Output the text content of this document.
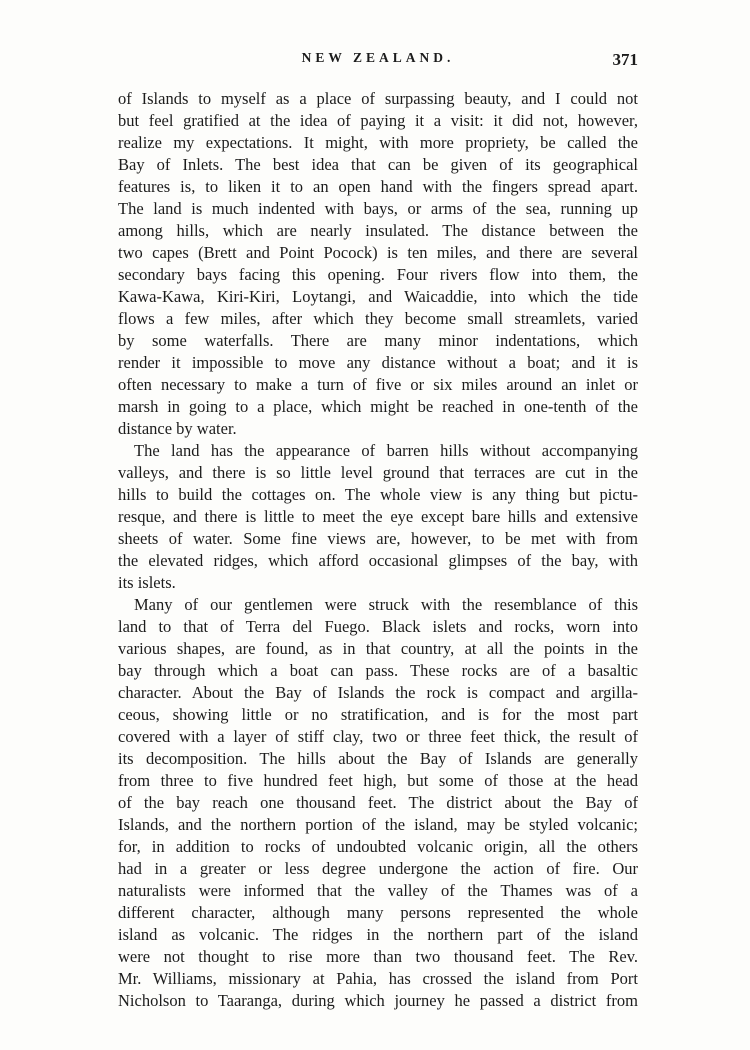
NEW ZEALAND.	371
of Islands to myself as a place of surpassing beauty, and I could not
but feel gratified at the idea of paying it a visit: it did not, however,
realize my expectations. It might, with more propriety, be called the
Bay of Inlets. The best idea that can be given of its geographical
features is, to liken it to an open hand with the fingers spread apart.
The land is much indented with bays, or arms of the sea, running up
among hills, which are nearly insulated. The distance between the
two capes (Brett and Point Pocock) is ten miles, and there are several
secondary bays facing this opening. Four rivers flow into them, the
Kawa-Kawa, Kiri-Kiri, Loytangi, and Waicaddie, into which the tide
flows a few miles, after which they become small streamlets, varied
by some waterfalls. There are many minor indentations, which
render it impossible to move any distance without a boat; and it is
often necessary to make a turn of five or six miles around an inlet or
marsh in going to a place, which might be reached in one-tenth of the
distance by water.
The land has the appearance of barren hills without accompanying
valleys, and there is so little level ground that terraces are cut in the
hills to build the cottages on. The whole view is any thing but pictu-
resque, and there is little to meet the eye except bare hills and extensive
sheets of water. Some fine views are, however, to be met with from
the elevated ridges, which afford occasional glimpses of the bay, with
its islets.
Many of our gentlemen were struck with the resemblance of this
land to that of Terra del Fuego. Black islets and rocks, worn into
various shapes, are found, as in that country, at all the points in the
bay through which a boat can pass. These rocks are of a basaltic
character. About the Bay of Islands the rock is compact and argilla-
ceous, showing little or no stratification, and is for the most part
covered with a layer of stiff clay, two or three feet thick, the result of
its decomposition. The hills about the Bay of Islands are generally
from three to five hundred feet high, but some of those at the head
of the bay reach one thousand feet. The district about the Bay of
Islands, and the northern portion of the island, may be styled volcanic;
for, in addition to rocks of undoubted volcanic origin, all the others
had in a greater or less degree undergone the action of fire. Our
naturalists were informed that the valley of the Thames was of a
different character, although many persons represented the whole
island as volcanic. The ridges in the northern part of the island
were not thought to rise more than two thousand feet. The Rev.
Mr. Williams, missionary at Pahia, has crossed the island from Port
Nicholson to Taaranga, during which journey he passed a district from
